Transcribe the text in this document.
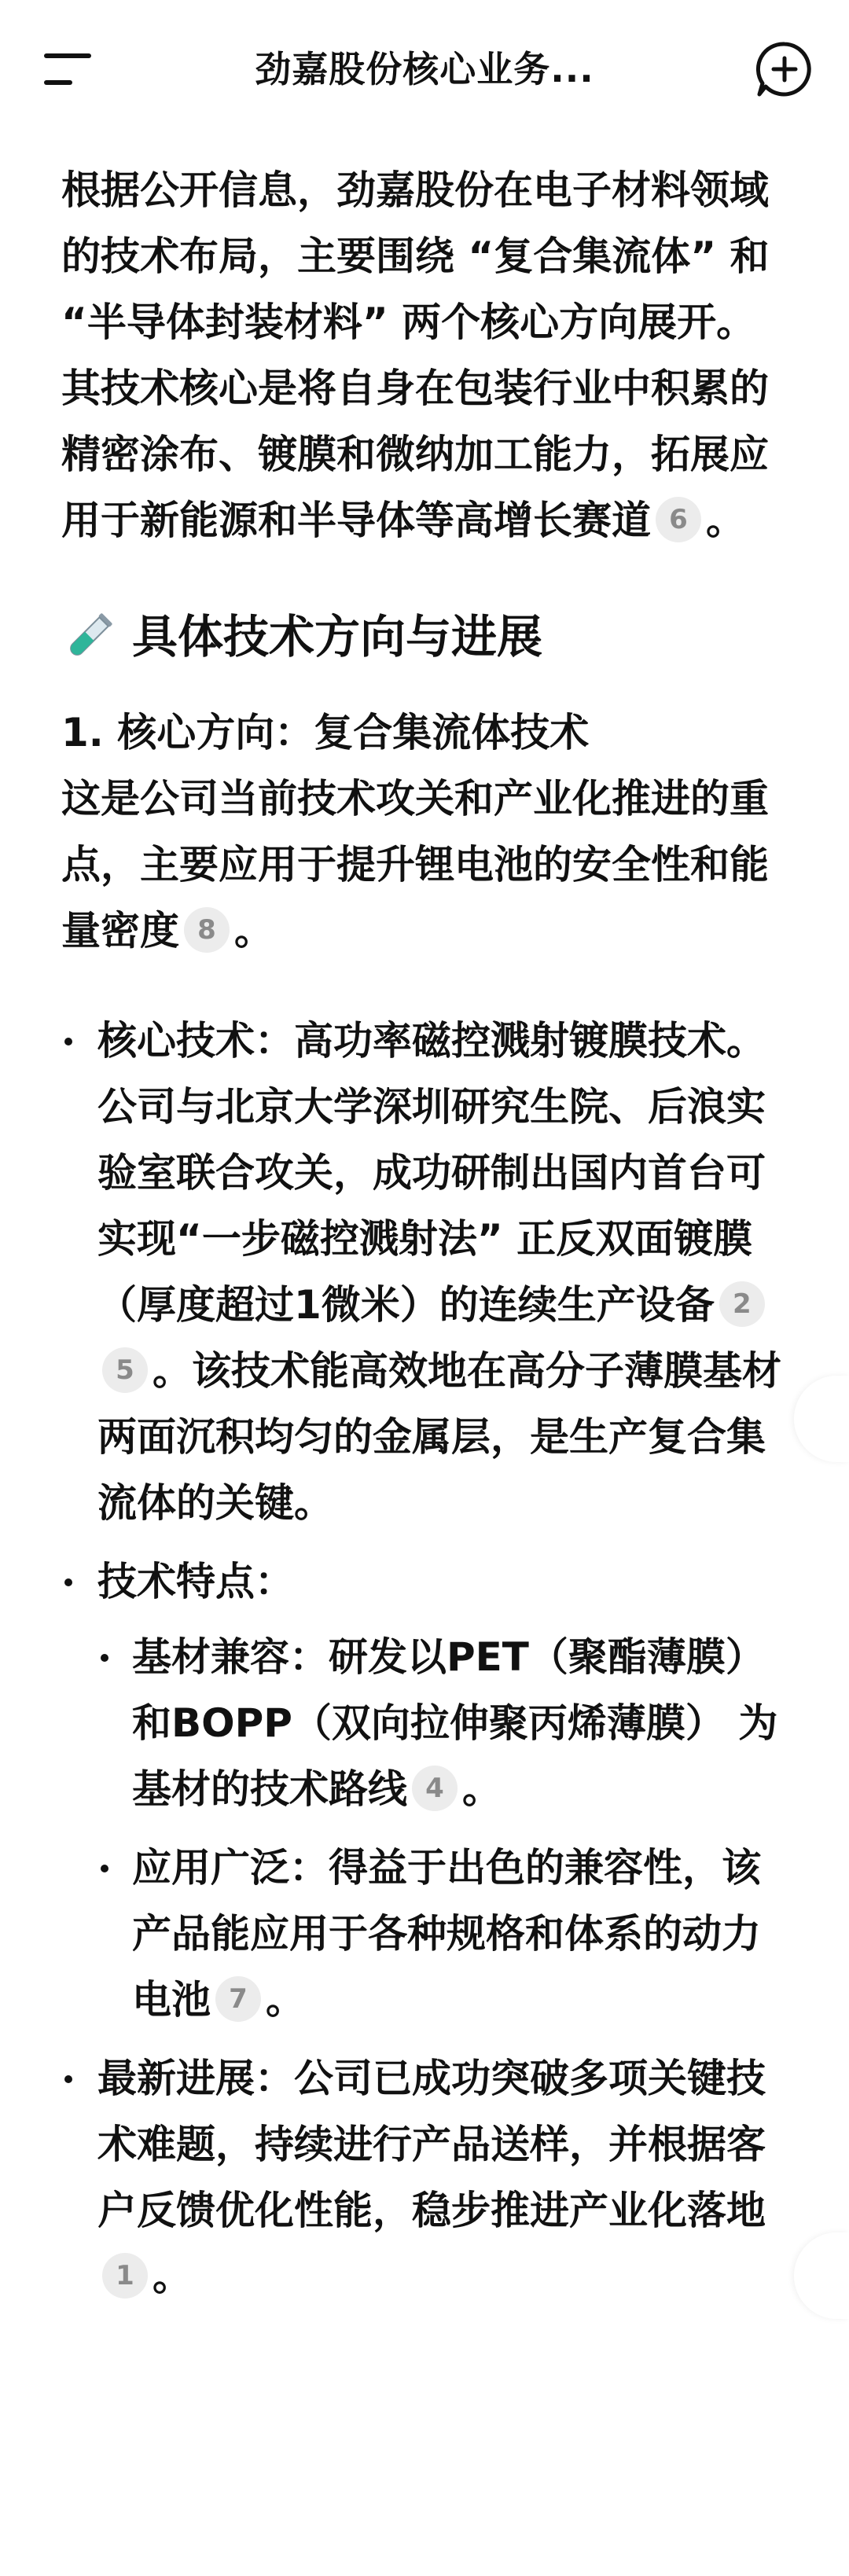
劲嘉股份核心业务...

根据公开信息，劲嘉股份在电子材料领域的技术布局，主要围绕 “复合集流体” 和 “半导体封装材料” 两个核心方向展开。其技术核心是将自身在包装行业中积累的精密涂布、镀膜和微纳加工能力，拓展应用于新能源和半导体等高增长赛道 6 。

具体技术方向与进展
1. 核心方向：复合集流体技术

这是公司当前技术攻关和产业化推进的重点，主要应用于提升锂电池的安全性和能量密度 8 。

核心技术：高功率磁控溅射镀膜技术。公司与北京大学深圳研究生院、后浪实验室联合攻关，成功研制出国内首台可实现“一步磁控溅射法” 正反双面镀膜（厚度超过1微米）的连续生产设备 25 。该技术能高效地在高分子薄膜基材两面沉积均匀的金属层，是生产复合集流体的关键。
技术特点：
基材兼容：研发以PET（聚酯薄膜）和BOPP（双向拉伸聚丙烯薄膜） 为基材的技术路线 4 。
应用广泛：得益于出色的兼容性，该产品能应用于各种规格和体系的动力电池 7 。
最新进展：公司已成功突破多项关键技术难题，持续进行产品送样，并根据客户反馈优化性能，稳步推进产业化落地1 。
